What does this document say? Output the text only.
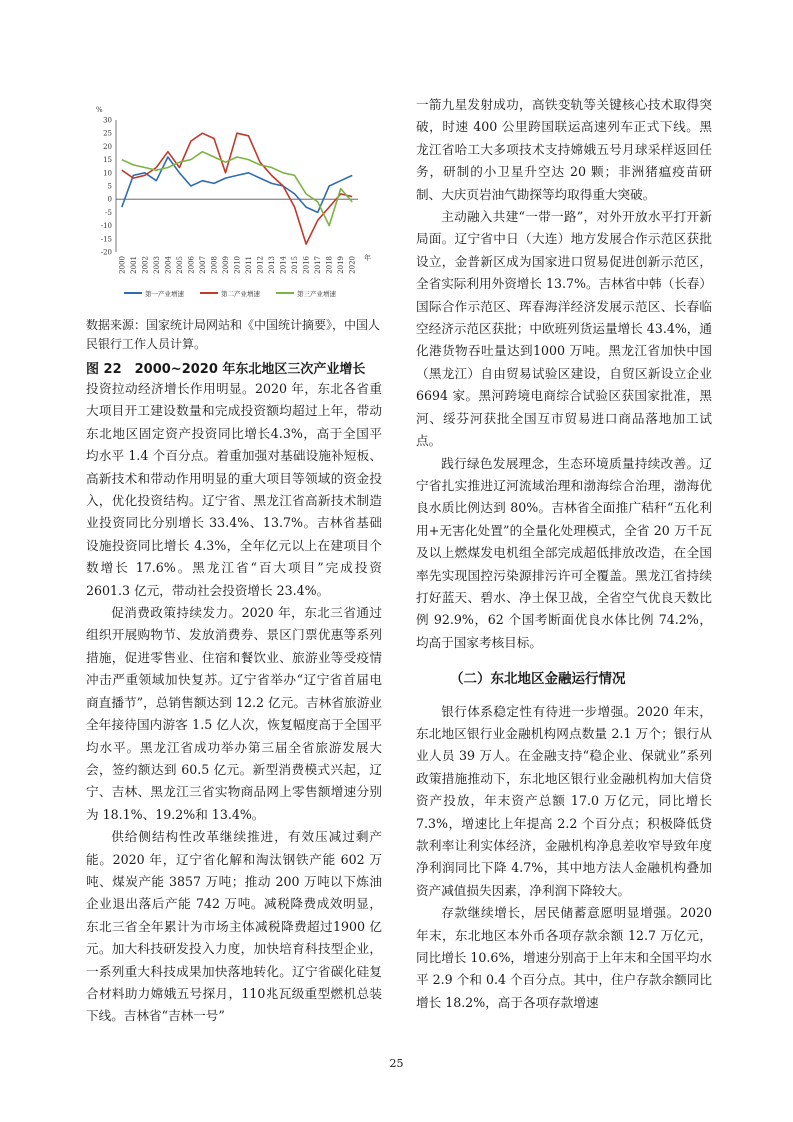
%
30
25
20
15
10
5
0
-5
-10
-15
-20
2000 2001 2002 2003 2004 2005 2006 2007 2008 2009 2010 2011 2012 2013 2014 2015 2016 2017 2018 2019 2020 年
第一产业增速	第二产业增速	第三产业增速
数据来源：国家统计局网站和《中国统计摘要》，中国人民银行工作人员计算。
图 22　2000~2020 年东北地区三次产业增长

投资拉动经济增长作用明显。2020 年，东北各省重大项目开工建设数量和完成投资额均超过上年，带动东北地区固定资产投资同比增长4.3%，高于全国平均水平 1.4 个百分点。着重加强对基础设施补短板、高新技术和带动作用明显的重大项目等领域的资金投入，优化投资结构。辽宁省、黑龙江省高新技术制造业投资同比分别增长 33.4%、13.7%。吉林省基础设施投资同比增长 4.3%，全年亿元以上在建项目个数增长 17.6%。黑龙江省“百大项目”完成投资 2601.3 亿元，带动社会投资增长 23.4%。

促消费政策持续发力。2020 年，东北三省通过组织开展购物节、发放消费券、景区门票优惠等系列措施，促进零售业、住宿和餐饮业、旅游业等受疫情冲击严重领域加快复苏。辽宁省举办“辽宁省首届电商直播节”，总销售额达到 12.2 亿元。吉林省旅游业全年接待国内游客 1.5 亿人次，恢复幅度高于全国平均水平。黑龙江省成功举办第三届全省旅游发展大会，签约额达到 60.5 亿元。新型消费模式兴起，辽宁、吉林、黑龙江三省实物商品网上零售额增速分别为 18.1%、19.2%和 13.4%。

供给侧结构性改革继续推进，有效压减过剩产能。2020 年，辽宁省化解和淘汰钢铁产能 602 万吨、煤炭产能 3857 万吨；推动 200 万吨以下炼油企业退出落后产能 742 万吨。减税降费成效明显，东北三省全年累计为市场主体减税降费超过1900 亿元。加大科技研发投入力度，加快培育科技型企业，一系列重大科技成果加快落地转化。辽宁省碳化硅复合材料助力嫦娥五号探月，110兆瓦级重型燃机总装下线。吉林省“吉林一号”

一箭九星发射成功，高铁变轨等关键核心技术取得突破，时速 400 公里跨国联运高速列车正式下线。黑龙江省哈工大多项技术支持嫦娥五号月球采样返回任务，研制的小卫星升空达 20 颗；非洲猪瘟疫苗研制、大庆页岩油气勘探等均取得重大突破。

主动融入共建“一带一路”，对外开放水平打开新局面。辽宁省中日（大连）地方发展合作示范区获批设立，金普新区成为国家进口贸易促进创新示范区，全省实际利用外资增长 13.7%。吉林省中韩（长春）国际合作示范区、珲春海洋经济发展示范区、长春临空经济示范区获批；中欧班列货运量增长 43.4%，通化港货物吞吐量达到1000 万吨。黑龙江省加快中国（黑龙江）自由贸易试验区建设，自贸区新设立企业 6694 家。黑河跨境电商综合试验区获国家批准，黑河、绥芬河获批全国互市贸易进口商品落地加工试点。

践行绿色发展理念，生态环境质量持续改善。辽宁省扎实推进辽河流域治理和渤海综合治理，渤海优良水质比例达到 80%。吉林省全面推广秸秆“五化利用+无害化处置”的全量化处理模式，全省 20 万千瓦及以上燃煤发电机组全部完成超低排放改造，在全国率先实现国控污染源排污许可全覆盖。黑龙江省持续打好蓝天、碧水、净土保卫战，全省空气优良天数比例 92.9%，62 个国考断面优良水体比例 74.2%，均高于国家考核目标。

（二）东北地区金融运行情况

银行体系稳定性有待进一步增强。2020 年末，东北地区银行业金融机构网点数量 2.1 万个；银行从业人员 39 万人。在金融支持“稳企业、保就业”系列政策措施推动下，东北地区银行业金融机构加大信贷资产投放，年末资产总额 17.0 万亿元，同比增长 7.3%，增速比上年提高 2.2 个百分点；积极降低贷款利率让利实体经济，金融机构净息差收窄导致年度净利润同比下降 4.7%，其中地方法人金融机构叠加资产减值损失因素，净利润下降较大。

存款继续增长，居民储蓄意愿明显增强。2020 年末，东北地区本外币各项存款余额 12.7 万亿元，同比增长 10.6%，增速分别高于上年末和全国平均水平 2.9 个和 0.4 个百分点。其中，住户存款余额同比增长 18.2%，高于各项存款增速

25
